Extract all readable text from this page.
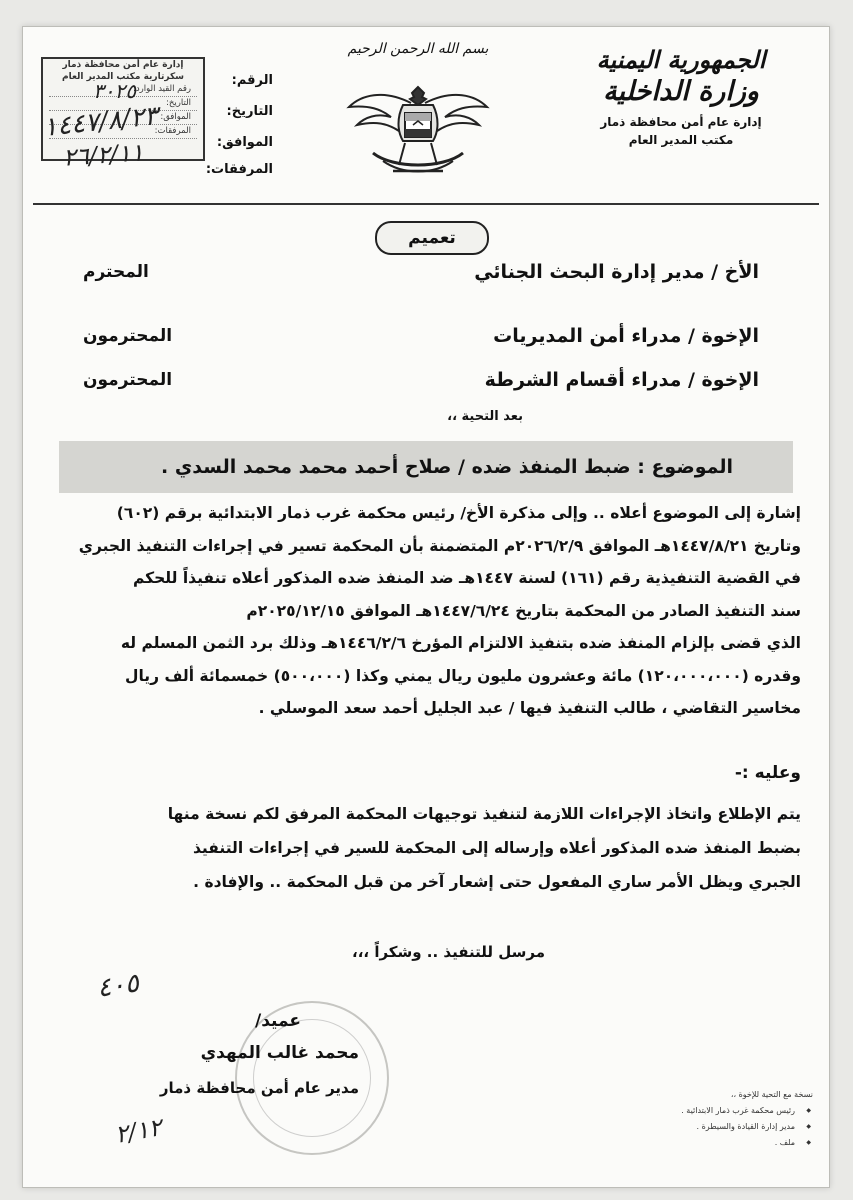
الجمهورية اليمنية
وزارة الداخلية
إدارة عام أمن محافظة ذمار
مكتب المدير العام
بسم الله الرحمن الرحيم
الرقم:
التاريخ:
الموافق:
المرفقات:
إدارة عام أمن محافظة ذمار
سكرتارية مكتب المدير العام
رقم القيد الوارد:
التاريخ:
الموافق:
المرفقات:
٣٠٢٥
١٤٤٧/٨/٢٣
٢٦/٢/١١
تعميم
الأخ / مدير إدارة البحث الجنائي
المحترم
الإخوة / مدراء أمن المديريات
المحترمون
الإخوة / مدراء أقسام الشرطة
المحترمون
بعد التحية ،،
الموضوع : ضبط المنفذ ضده / صلاح أحمد محمد محمد السدي .

إشارة إلى الموضوع أعلاه .. وإلى مذكرة الأخ/ رئيس محكمة غرب ذمار الابتدائية برقم (٦٠٢)

وتاريخ ١٤٤٧/٨/٢١هـ الموافق ٢٠٢٦/٢/٩م المتضمنة بأن المحكمة تسير في إجراءات التنفيذ الجبري

في القضية التنفيذية رقم (١٦١) لسنة ١٤٤٧هـ ضد المنفذ ضده المذكور أعلاه تنفيذاً للحكم

سند التنفيذ الصادر من المحكمة بتاريخ ١٤٤٧/٦/٢٤هـ الموافق ٢٠٢٥/١٢/١٥م

الذي قضى بإلزام المنفذ ضده بتنفيذ الالتزام المؤرخ ١٤٤٦/٢/٦هـ وذلك برد الثمن المسلم له

وقدره (١٢٠،٠٠٠،٠٠٠) مائة وعشرون مليون ريال يمني وكذا (٥٠٠،٠٠٠) خمسمائة ألف ريال

مخاسير التقاضي ، طالب التنفيذ فيها / عبد الجليل أحمد سعد الموسلي .

وعليه :-

يتم الإطلاع واتخاذ الإجراءات اللازمة لتنفيذ توجيهات المحكمة المرفق لكم نسخة منها

بضبط المنفذ ضده المذكور أعلاه وإرساله إلى المحكمة للسير في إجراءات التنفيذ

الجبري ويظل الأمر ساري المفعول حتى إشعار آخر من قبل المحكمة .. والإفادة .

مرسل للتنفيذ .. وشكراً ،،،
٤٠٥
٢/١٢
عميد/
محمد غالب المهدي
مدير عام أمن محافظة ذمار	نسخة مع التحية للإخوة ،،
◆ رئيس محكمة غرب ذمار الابتدائية .
◆ مدير إدارة القيادة والسيطرة .
◆ ملف .
